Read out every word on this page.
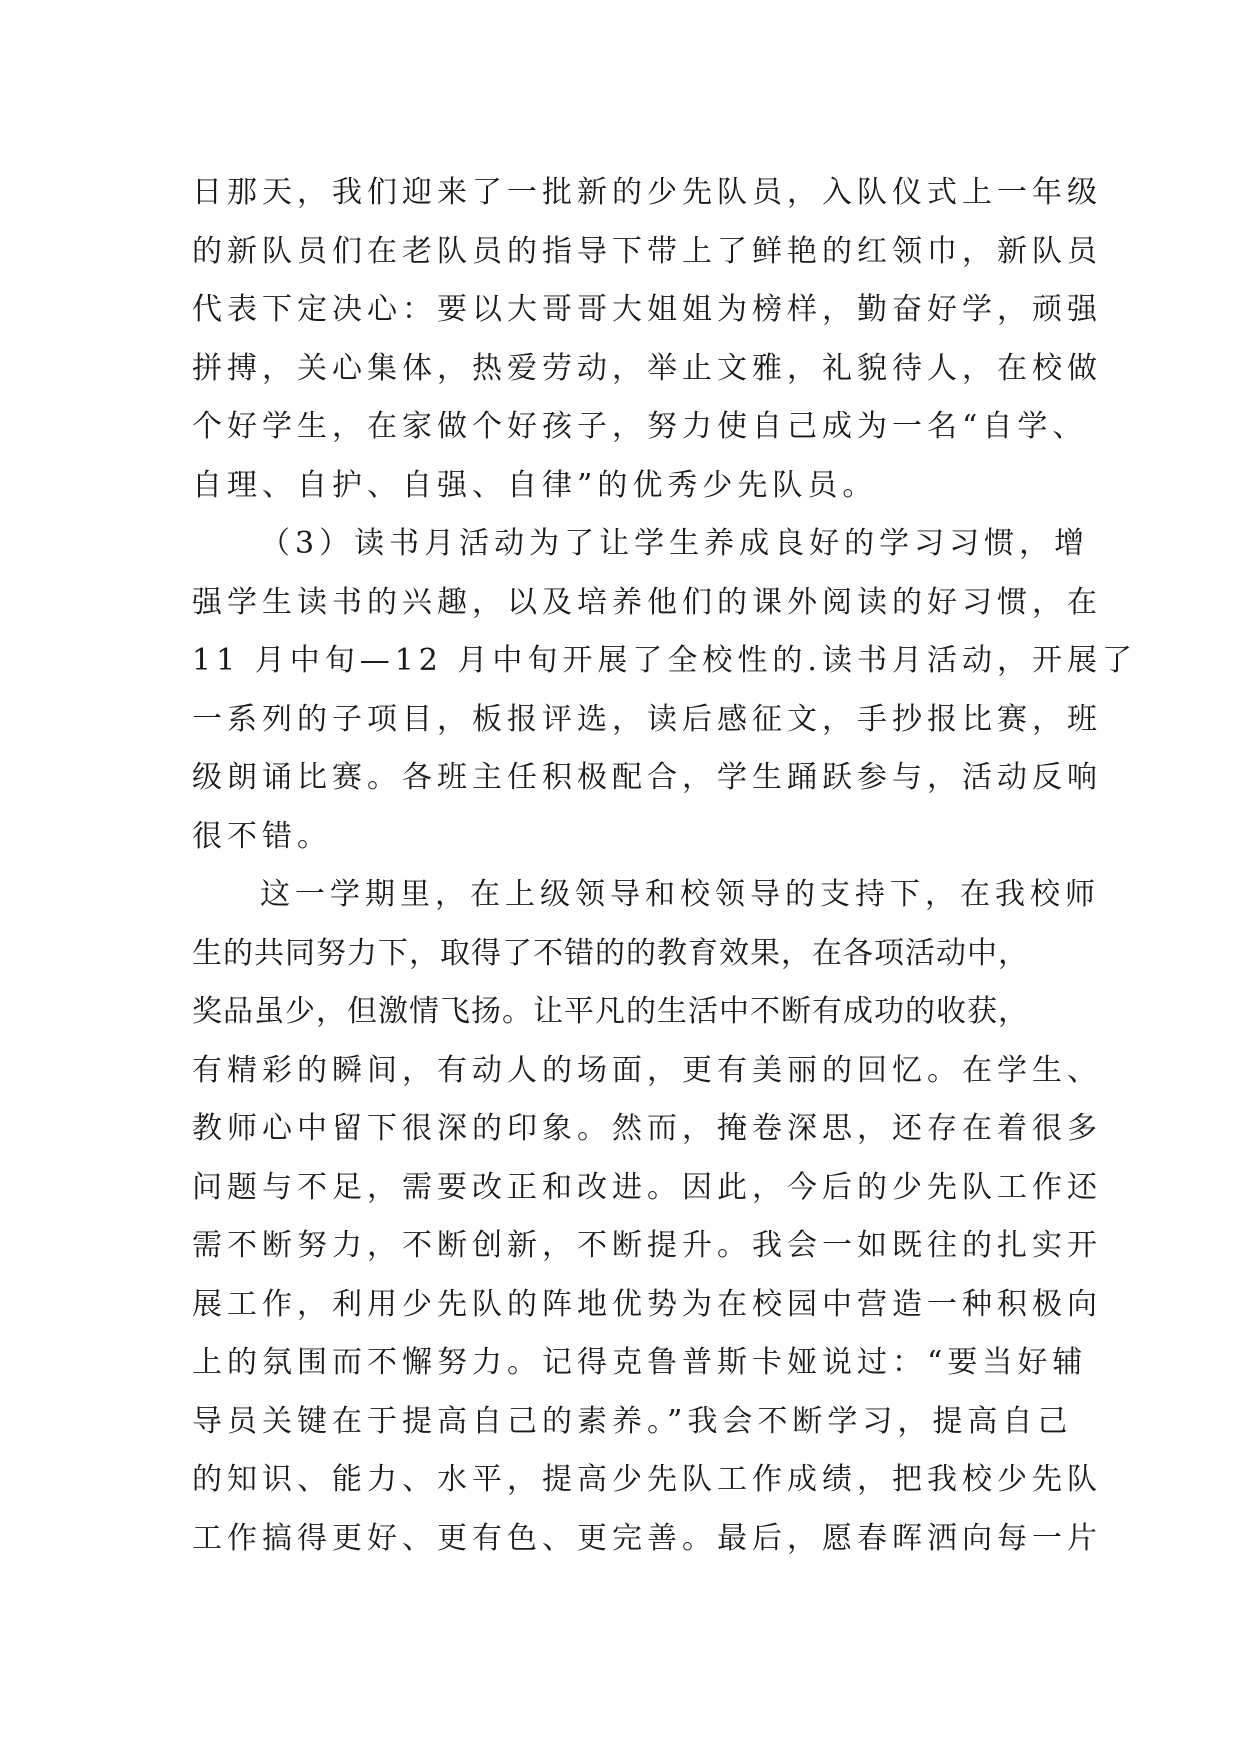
日那天，我们迎来了一批新的少先队员，入队仪式上一年级
的新队员们在老队员的指导下带上了鲜艳的红领巾，新队员
代表下定决心：要以大哥哥大姐姐为榜样，勤奋好学，顽强
拼搏，关心集体，热爱劳动，举止文雅，礼貌待人，在校做
个好学生，在家做个好孩子，努力使自己成为一名“自学、
自理、自护、自强、自律”的优秀少先队员。
（3）读书月活动为了让学生养成良好的学习习惯，增
强学生读书的兴趣，以及培养他们的课外阅读的好习惯，在
11 月中旬—12 月中旬开展了全校性的.读书月活动，开展了
一系列的子项目，板报评选，读后感征文，手抄报比赛，班
级朗诵比赛。各班主任积极配合，学生踊跃参与，活动反响
很不错。
这一学期里，在上级领导和校领导的支持下，在我校师
生的共同努力下，取得了不错的的教育效果，在各项活动中，
奖品虽少，但激情飞扬。让平凡的生活中不断有成功的收获，
有精彩的瞬间，有动人的场面，更有美丽的回忆。在学生、
教师心中留下很深的印象。然而，掩卷深思，还存在着很多
问题与不足，需要改正和改进。因此，今后的少先队工作还
需不断努力，不断创新，不断提升。我会一如既往的扎实开
展工作，利用少先队的阵地优势为在校园中营造一种积极向
上的氛围而不懈努力。记得克鲁普斯卡娅说过：“要当好辅
导员关键在于提高自己的素养。”我会不断学习，提高自己
的知识、能力、水平，提高少先队工作成绩，把我校少先队
工作搞得更好、更有色、更完善。最后，愿春晖洒向每一片
